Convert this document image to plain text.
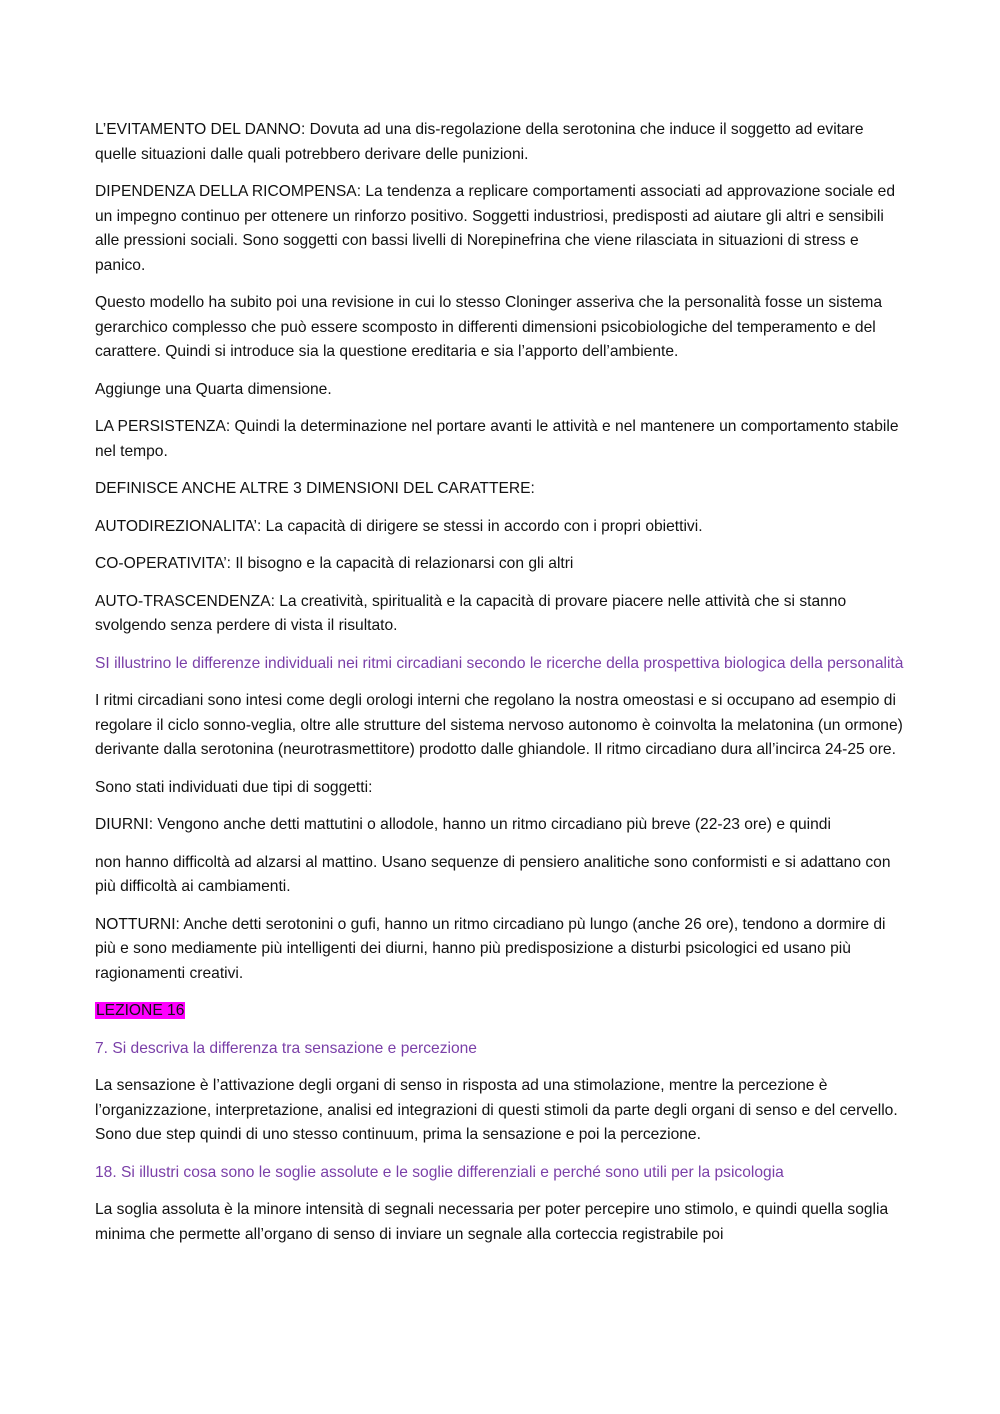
L’EVITAMENTO DEL DANNO: Dovuta ad una dis-regolazione della serotonina che induce il soggetto ad evitare quelle situazioni dalle quali potrebbero derivare delle punizioni.

DIPENDENZA DELLA RICOMPENSA: La tendenza a replicare comportamenti associati ad approvazione sociale ed un impegno continuo per ottenere un rinforzo positivo. Soggetti industriosi, predisposti ad aiutare gli altri e sensibili alle pressioni sociali. Sono soggetti con bassi livelli di Norepinefrina che viene rilasciata in situazioni di stress e panico.

Questo modello ha subito poi una revisione in cui lo stesso Cloninger asseriva che la personalità fosse un sistema gerarchico complesso che può essere scomposto in differenti dimensioni psicobiologiche del temperamento e del carattere. Quindi si introduce sia la questione ereditaria e sia l’apporto dell’ambiente.

Aggiunge una Quarta dimensione.

LA PERSISTENZA: Quindi la determinazione nel portare avanti le attività e nel mantenere un comportamento stabile nel tempo.

DEFINISCE ANCHE ALTRE 3 DIMENSIONI DEL CARATTERE:

AUTODIREZIONALITA’: La capacità di dirigere se stessi in accordo con i propri obiettivi.

CO-OPERATIVITA’: Il bisogno e la capacità di relazionarsi con gli altri

AUTO-TRASCENDENZA: La creatività, spiritualità e la capacità di provare piacere nelle attività che si stanno svolgendo senza perdere di vista il risultato.

SI illustrino le differenze individuali nei ritmi circadiani secondo le ricerche della prospettiva biologica della personalità

I ritmi circadiani sono intesi come degli orologi interni che regolano la nostra omeostasi e si occupano ad esempio di regolare il ciclo sonno-veglia, oltre alle strutture del sistema nervoso autonomo è coinvolta la melatonina (un ormone) derivante dalla serotonina (neurotrasmettitore) prodotto dalle ghiandole. Il ritmo circadiano dura all’incirca 24-25 ore.

Sono stati individuati due tipi di soggetti:

DIURNI: Vengono anche detti mattutini o allodole, hanno un ritmo circadiano più breve (22-23 ore) e quindi

non hanno difficoltà ad alzarsi al mattino. Usano sequenze di pensiero analitiche sono conformisti e si adattano con più difficoltà ai cambiamenti.

NOTTURNI: Anche detti serotonini o gufi, hanno un ritmo circadiano pù lungo (anche 26 ore), tendono a dormire di più e sono mediamente più intelligenti dei diurni, hanno più predisposizione a disturbi psicologici ed usano più ragionamenti creativi.

LEZIONE 16

7. Si descriva la differenza tra sensazione e percezione

La sensazione è l’attivazione degli organi di senso in risposta ad una stimolazione, mentre la percezione è l’organizzazione, interpretazione, analisi ed integrazioni di questi stimoli da parte degli organi di senso e del cervello. Sono due step quindi di uno stesso continuum, prima la sensazione e poi la percezione.

18. Si illustri cosa sono le soglie assolute e le soglie differenziali e perché sono utili per la psicologia

La soglia assoluta è la minore intensità di segnali necessaria per poter percepire uno stimolo, e quindi quella soglia minima che permette all’organo di senso di inviare un segnale alla corteccia registrabile poi
